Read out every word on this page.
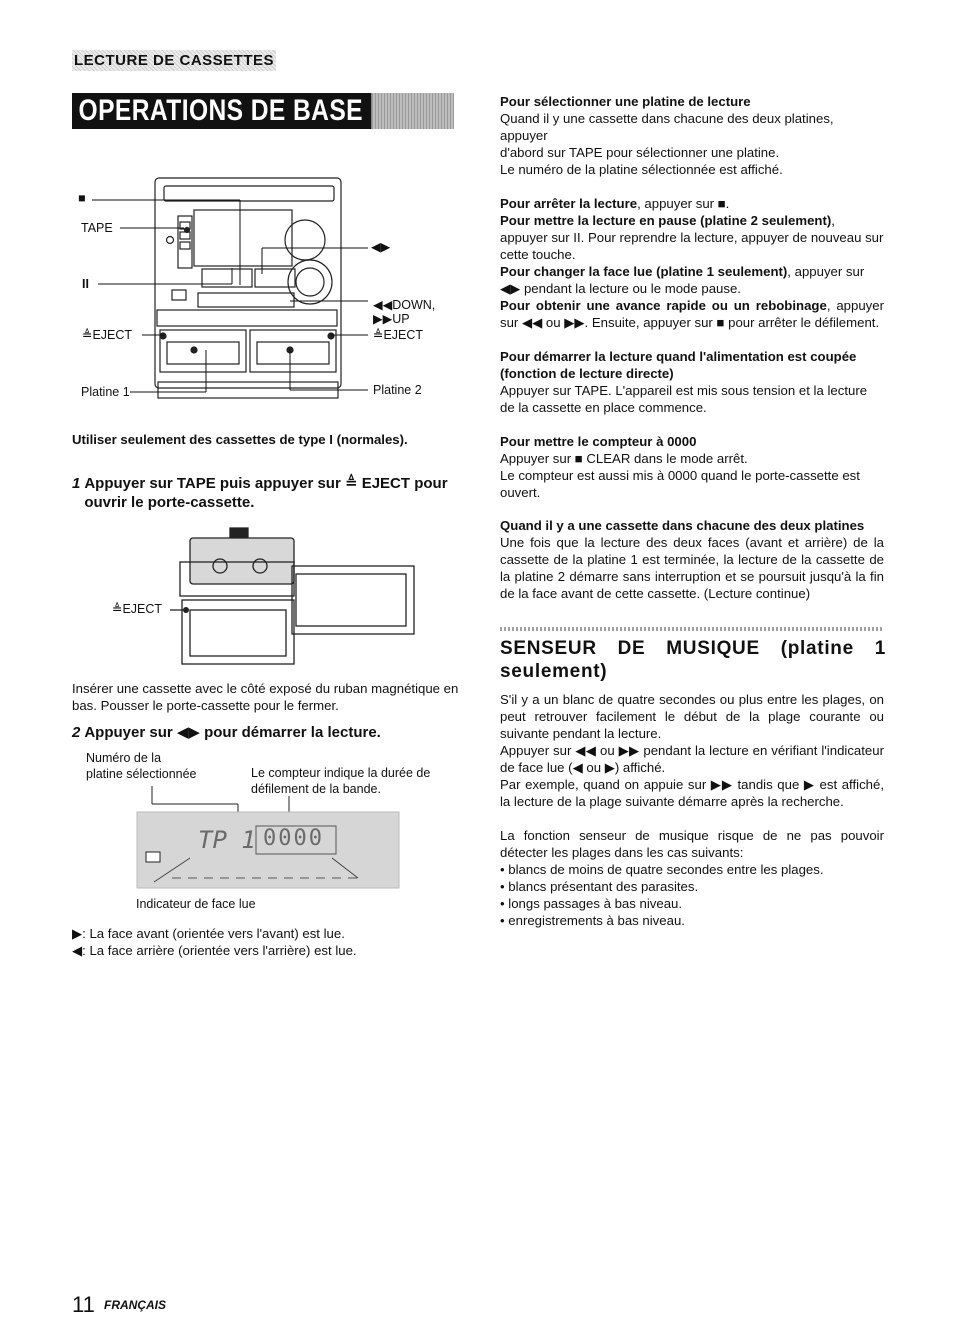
LECTURE DE CASSETTES
OPERATIONS DE BASE
■
TAPE
II
≜EJECT
Platine 1
◀▶
◀◀DOWN,
▶▶UP
≜EJECT
Platine 2
Utiliser seulement des cassettes de type I (normales).
1 Appuyer sur TAPE puis appuyer sur ≜ EJECT pour ouvrir le porte-cassette.
≜EJECT
Insérer une cassette avec le côté exposé du ruban magnétique en bas. Pousser le porte-cassette pour le fermer.
2 Appuyer sur ◀▶ pour démarrer la lecture.
Numéro de la
platine sélectionnée	Le compteur indique la durée de
défilement de la bande.
TP 1 0000
Indicateur de face lue
▶: La face avant (orientée vers l'avant) est lue.
◀: La face arrière (orientée vers l'arrière) est lue.
Pour sélectionner une platine de lecture
Quand il y une cassette dans chacune des deux platines, appuyer
d'abord sur TAPE pour sélectionner une platine.
Le numéro de la platine sélectionnée est affiché.
Pour arrêter la lecture, appuyer sur ■.
Pour mettre la lecture en pause (platine 2 seulement), appuyer sur II. Pour reprendre la lecture, appuyer de nouveau sur cette touche.
Pour changer la face lue (platine 1 seulement), appuyer sur ◀▶ pendant la lecture ou le mode pause.
Pour obtenir une avance rapide ou un rebobinage, appuyer sur ◀◀ ou ▶▶. Ensuite, appuyer sur ■ pour arrêter le défilement.
Pour démarrer la lecture quand l'alimentation est coupée
(fonction de lecture directe)
Appuyer sur TAPE. L'appareil est mis sous tension et la lecture
de la cassette en place commence.
Pour mettre le compteur à 0000
Appuyer sur ■ CLEAR dans le mode arrêt.
Le compteur est aussi mis à 0000 quand le porte-cassette est
ouvert.
Quand il y a une cassette dans chacune des deux platines
Une fois que la lecture des deux faces (avant et arrière) de la cassette de la platine 1 est terminée, la lecture de la cassette de la platine 2 démarre sans interruption et se poursuit jusqu'à la fin de la face avant de cette cassette. (Lecture continue)
SENSEUR DE MUSIQUE (platine 1
seulement)
S'il y a un blanc de quatre secondes ou plus entre les plages, on peut retrouver facilement le début de la plage courante ou suivante pendant la lecture.
Appuyer sur ◀◀ ou ▶▶ pendant la lecture en vérifiant l'indicateur de face lue (◀ ou ▶) affiché.
Par exemple, quand on appuie sur ▶▶ tandis que ▶ est affiché, la lecture de la plage suivante démarre après la recherche.
La fonction senseur de musique risque de ne pas pouvoir détecter les plages dans les cas suivants:
• blancs de moins de quatre secondes entre les plages.
• blancs présentant des parasites.
• longs passages à bas niveau.
• enregistrements à bas niveau.
11 FRANÇAIS
